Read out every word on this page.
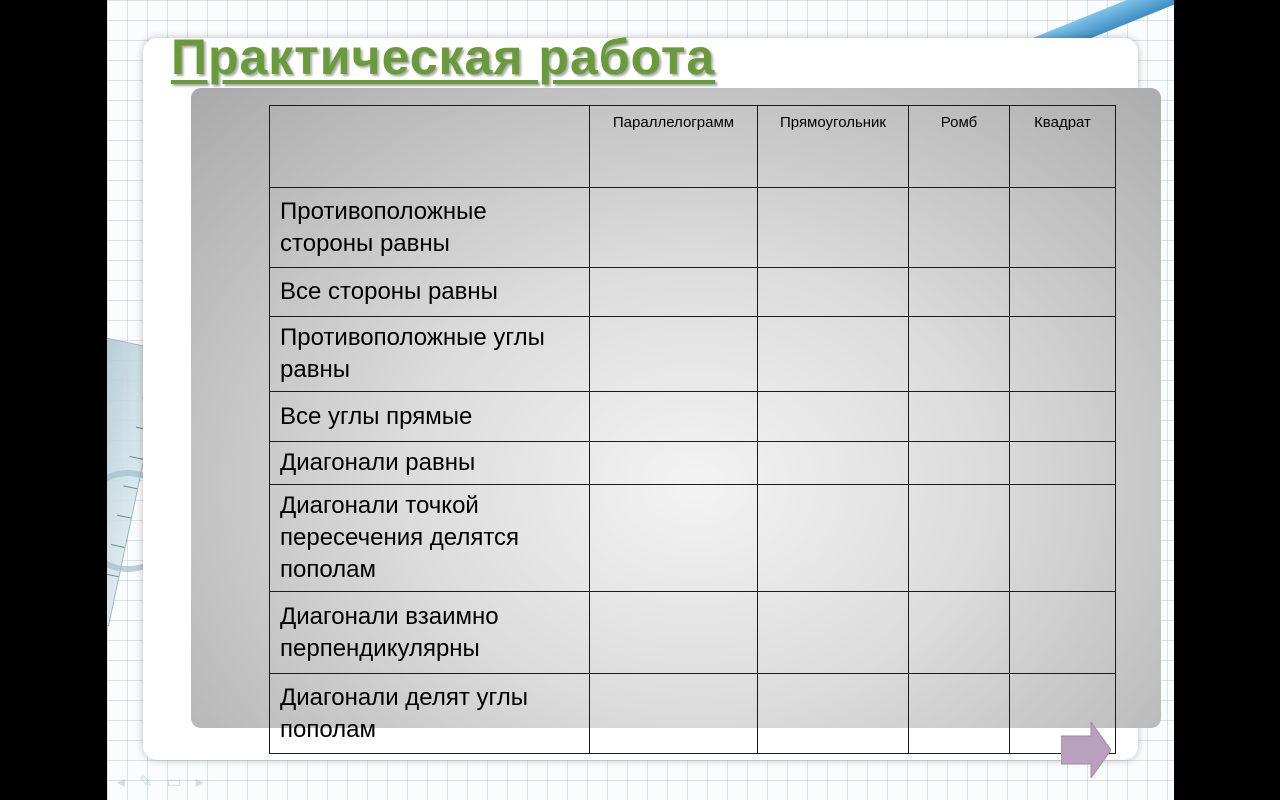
Практическая работа
	Параллелограмм	Прямоугольник	Ромб	Квадрат
Противоположные стороны равны				
Все стороны равны				
Противоположные углы равны				
Все углы прямые				
Диагонали равны				
Диагонали точкой пересечения делятся пополам				
Диагонали взаимно перпендикулярны				
Диагонали делят углы пополам				
◂ ✎ ▭ ▸
